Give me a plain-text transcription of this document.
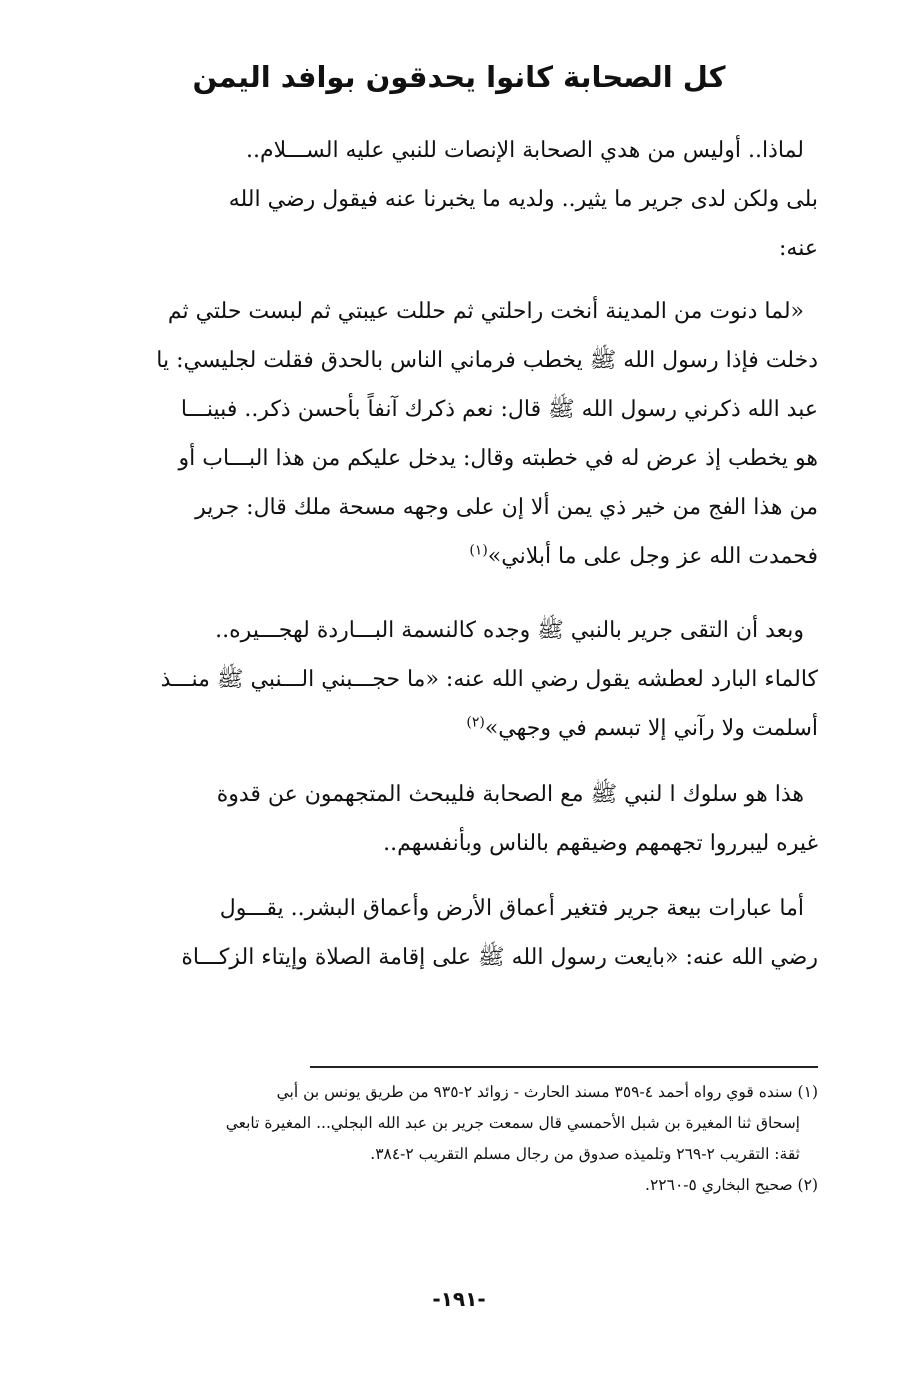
كل الصحابة كانوا يحدقون بوافد اليمن

لماذا.. أوليس من هدي الصحابة الإنصات للنبي عليه الســـلام..
بلى ولكن لدى جرير ما يثير.. ولديه ما يخبرنا عنه فيقول رضي الله
عنه:

«لما دنوت من المدينة أنخت راحلتي ثم حللت عيبتي ثم لبست حلتي ثم
دخلت فإذا رسول الله ﷺ يخطب فرماني الناس بالحدق فقلت لجليسي: يا
عبد الله ذكرني رسول الله ﷺ قال: نعم ذكرك آنفاً بأحسن ذكر.. فبينـــا
هو يخطب إذ عرض له في خطبته وقال: يدخل عليكم من هذا البـــاب أو
من هذا الفج من خير ذي يمن ألا إن على وجهه مسحة ملك قال: جرير
فحمدت الله عز وجل على ما أبلاني»$^{(١)}$

وبعد أن التقى جرير بالنبي ﷺ وجده كالنسمة البـــاردة لهجـــيره..
كالماء البارد لعطشه يقول رضي الله عنه: «ما حجـــبني الـــنبي ﷺ منـــذ
أسلمت ولا رآني إلا تبسم في وجهي»$^{(٢)}$

هذا هو سلوك ا لنبي ﷺ مع الصحابة فليبحث المتجهمون عن قدوة
غيره ليبرروا تجهمهم وضيقهم بالناس وبأنفسهم..

أما عبارات بيعة جرير فتغير أعماق الأرض وأعماق البشر.. يقـــول
رضي الله عنه: «بايعت رسول الله ﷺ على إقامة الصلاة وإيتاء الزكـــاة

(١) سنده قوي رواه أحمد ٤-٣٥٩ مسند الحارث - زوائد ٢-٩٣٥ من طريق يونس بن أبي
إسحاق ثنا المغيرة بن شبل الأحمسي قال سمعت جرير بن عبد الله البجلي... المغيرة تابعي
ثقة: التقريب ٢-٢٦٩ وتلميذه صدوق من رجال مسلم التقريب ٢-٣٨٤.
(٢) صحيح البخاري ٥-٢٢٦٠.
-١٩١-
